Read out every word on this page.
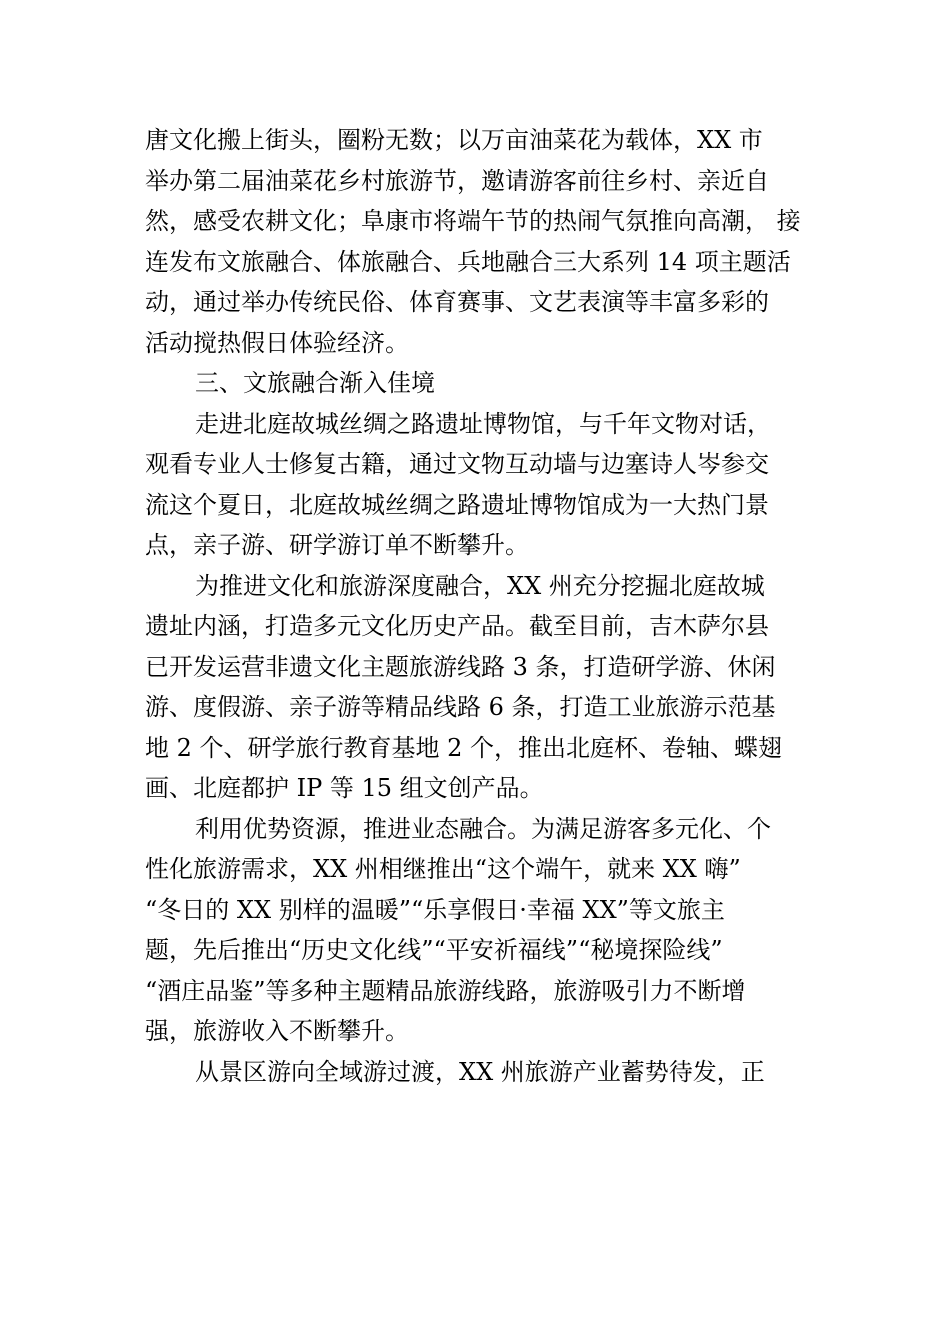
唐文化搬上街头，圈粉无数；以万亩油菜花为载体，XX 市
举办第二届油菜花乡村旅游节，邀请游客前往乡村、亲近自
然，感受农耕文化；阜康市将端午节的热闹气氛推向高潮， 接
连发布文旅融合、体旅融合、兵地融合三大系列 14 项主题活
动，通过举办传统民俗、体育赛事、文艺表演等丰富多彩的
活动搅热假日体验经济。
三、文旅融合渐入佳境
走进北庭故城丝绸之路遗址博物馆，与千年文物对话，
观看专业人士修复古籍，通过文物互动墙与边塞诗人岑参交
流这个夏日，北庭故城丝绸之路遗址博物馆成为一大热门景
点，亲子游、研学游订单不断攀升。
为推进文化和旅游深度融合，XX 州充分挖掘北庭故城
遗址内涵，打造多元文化历史产品。截至目前，吉木萨尔县
已开发运营非遗文化主题旅游线路 3 条，打造研学游、休闲
游、度假游、亲子游等精品线路 6 条，打造工业旅游示范基
地 2 个、研学旅行教育基地 2 个，推出北庭杯、卷轴、蝶翅
画、北庭都护 IP 等 15 组文创产品。
利用优势资源，推进业态融合。为满足游客多元化、个
性化旅游需求，XX 州相继推出“这个端午，就来 XX 嗨”
“冬日的 XX 别样的温暖”“乐享假日·幸福 XX”等文旅主
题，先后推出“历史文化线”“平安祈福线”“秘境探险线”
“酒庄品鉴”等多种主题精品旅游线路，旅游吸引力不断增
强，旅游收入不断攀升。
从景区游向全域游过渡，XX 州旅游产业蓄势待发，正
